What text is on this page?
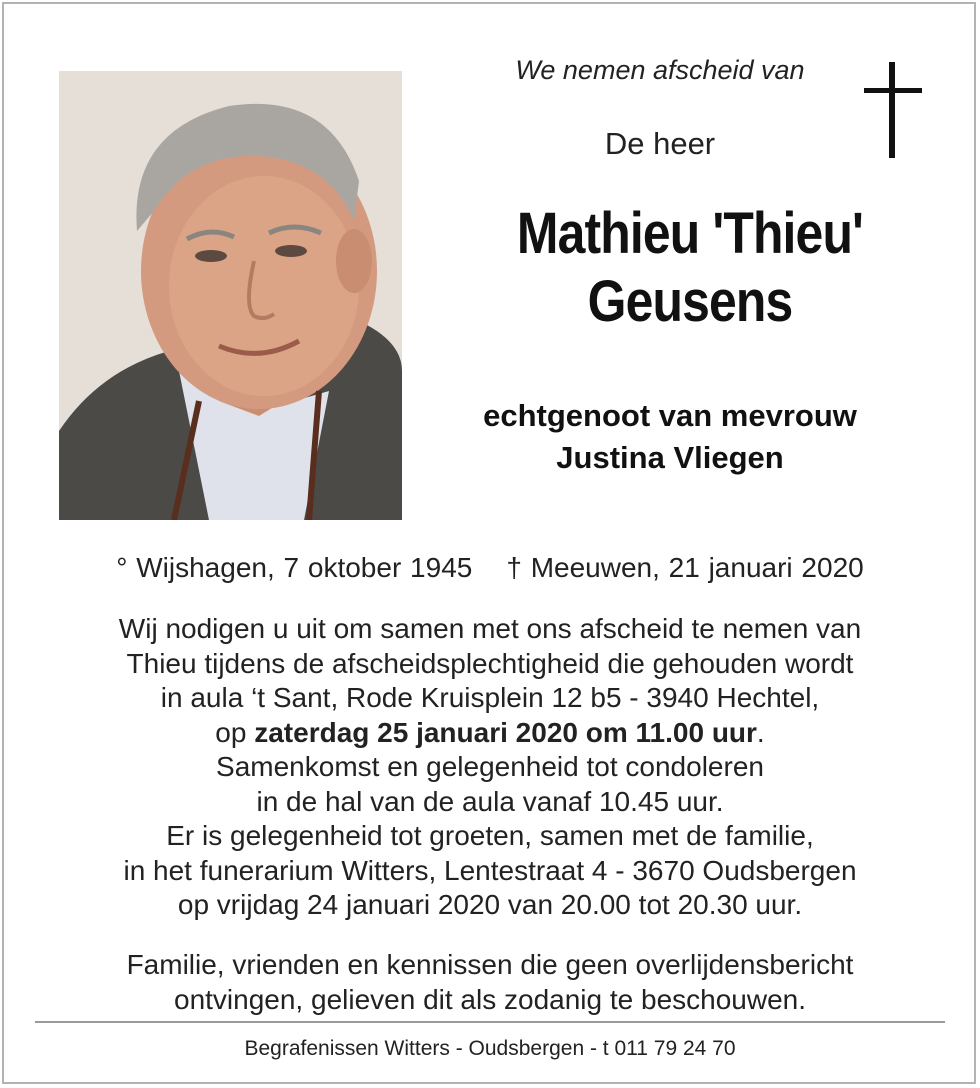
We nemen afscheid van
De heer
Mathieu 'Thieu'
Geusens
echtgenoot van mevrouw
Justina Vliegen
° Wijshagen, 7 oktober 1945 † Meeuwen, 21 januari 2020
Wij nodigen u uit om samen met ons afscheid te nemen van
Thieu tijdens de afscheidsplechtigheid die gehouden wordt
in aula ‘t Sant, Rode Kruisplein 12 b5 - 3940 Hechtel,
op zaterdag 25 januari 2020 om 11.00 uur.
Samenkomst en gelegenheid tot condoleren
in de hal van de aula vanaf 10.45 uur.
Er is gelegenheid tot groeten, samen met de familie,
in het funerarium Witters, Lentestraat 4 - 3670 Oudsbergen
op vrijdag 24 januari 2020 van 20.00 tot 20.30 uur.
Familie, vrienden en kennissen die geen overlijdensbericht
ontvingen, gelieven dit als zodanig te beschouwen.
Begrafenissen Witters - Oudsbergen - t 011 79 24 70
